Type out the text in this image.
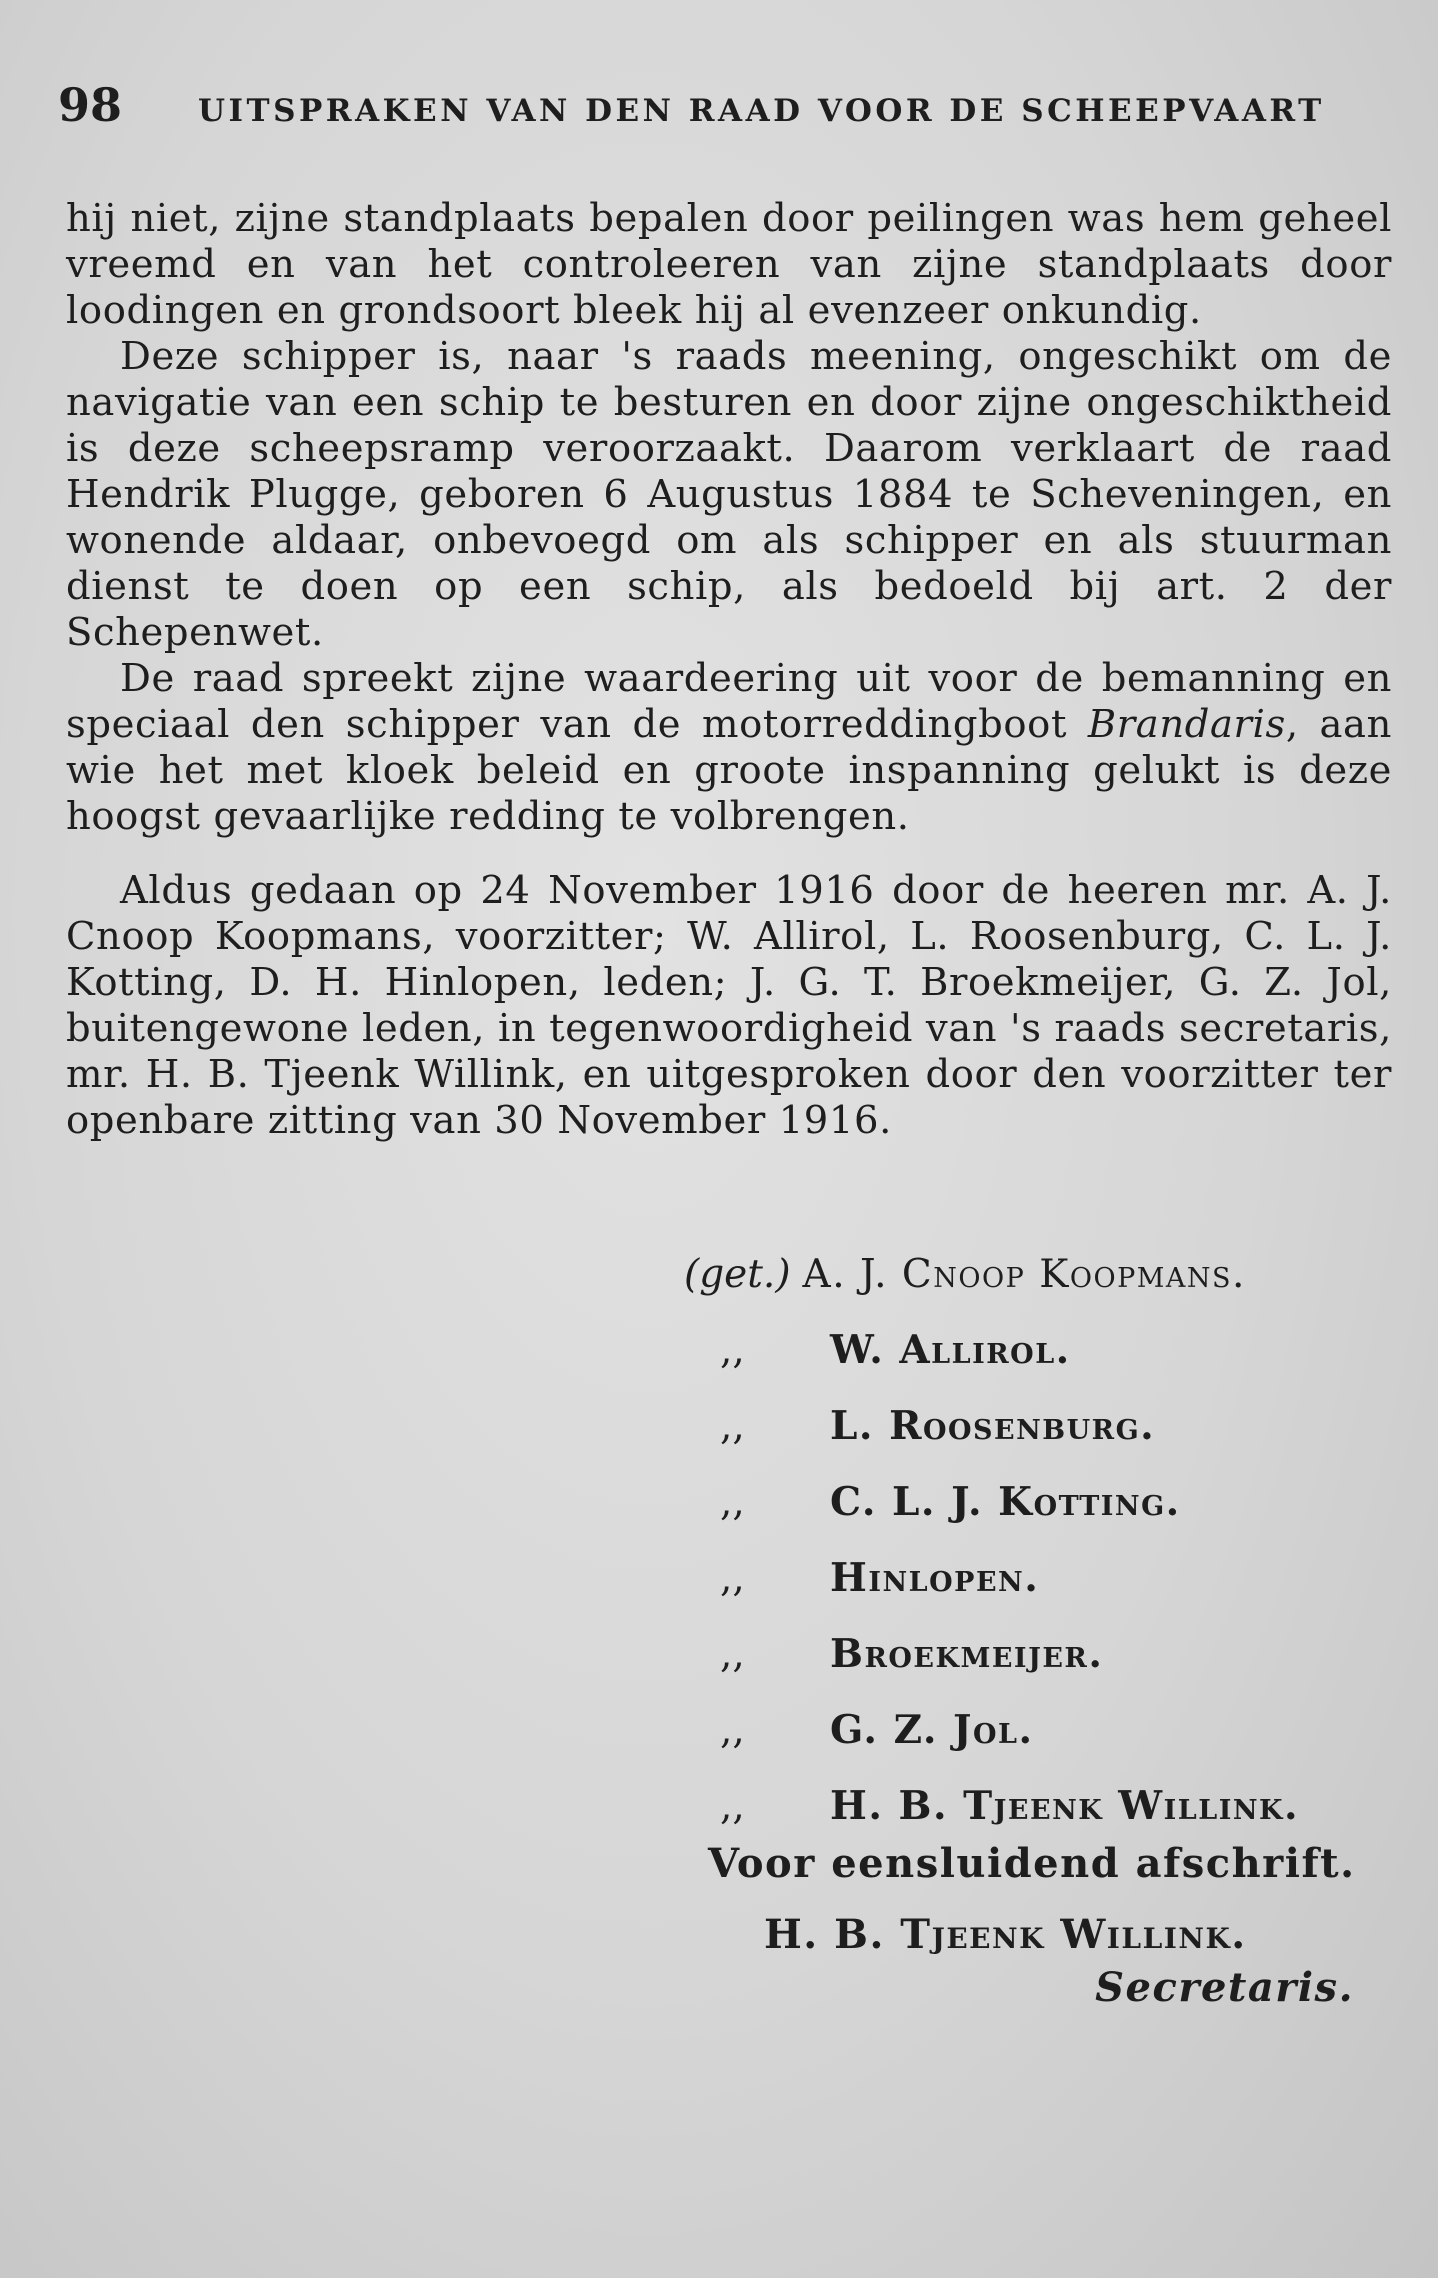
98	UITSPRAKEN VAN DEN RAAD VOOR DE SCHEEPVAART

hij niet, zijne standplaats bepalen door peilingen was hem geheel vreemd en van het controleeren van zijne standplaats door loodingen en grondsoort bleek hij al evenzeer onkundig.

Deze schipper is, naar 's raads meening, ongeschikt om de navigatie van een schip te besturen en door zijne ongeschiktheid is deze scheepsramp veroorzaakt. Daarom verklaart de raad Hendrik Plugge, geboren 6 Augustus 1884 te Scheveningen, en wonende aldaar, onbevoegd om als schipper en als stuurman dienst te doen op een schip, als bedoeld bij art. 2 der Schepenwet.

De raad spreekt zijne waardeering uit voor de bemanning en speciaal den schipper van de motorreddingboot Brandaris, aan wie het met kloek beleid en groote inspanning gelukt is deze hoogst gevaarlijke redding te volbrengen.

Aldus gedaan op 24 November 1916 door de heeren mr. A. J. Cnoop Koopmans, voorzitter; W. Allirol, L. Roosenburg, C. L. J. Kotting, D. H. Hinlopen, leden; J. G. T. Broekmeijer, G. Z. Jol, buitengewone leden, in tegenwoordigheid van 's raads secretaris, mr. H. B. Tjeenk Willink, en uitgesproken door den voorzitter ter openbare zitting van 30 November 1916.

(get.) A. J. Cnoop Koopmans.
,,	W. Allirol.
,,	L. Roosenburg.
,,	C. L. J. Kotting.
,,	Hinlopen.
,,	Broekmeijer.
,,	G. Z. Jol.
,,	H. B. Tjeenk Willink.
Voor eensluidend afschrift.
H. B. Tjeenk Willink.
Secretaris.
